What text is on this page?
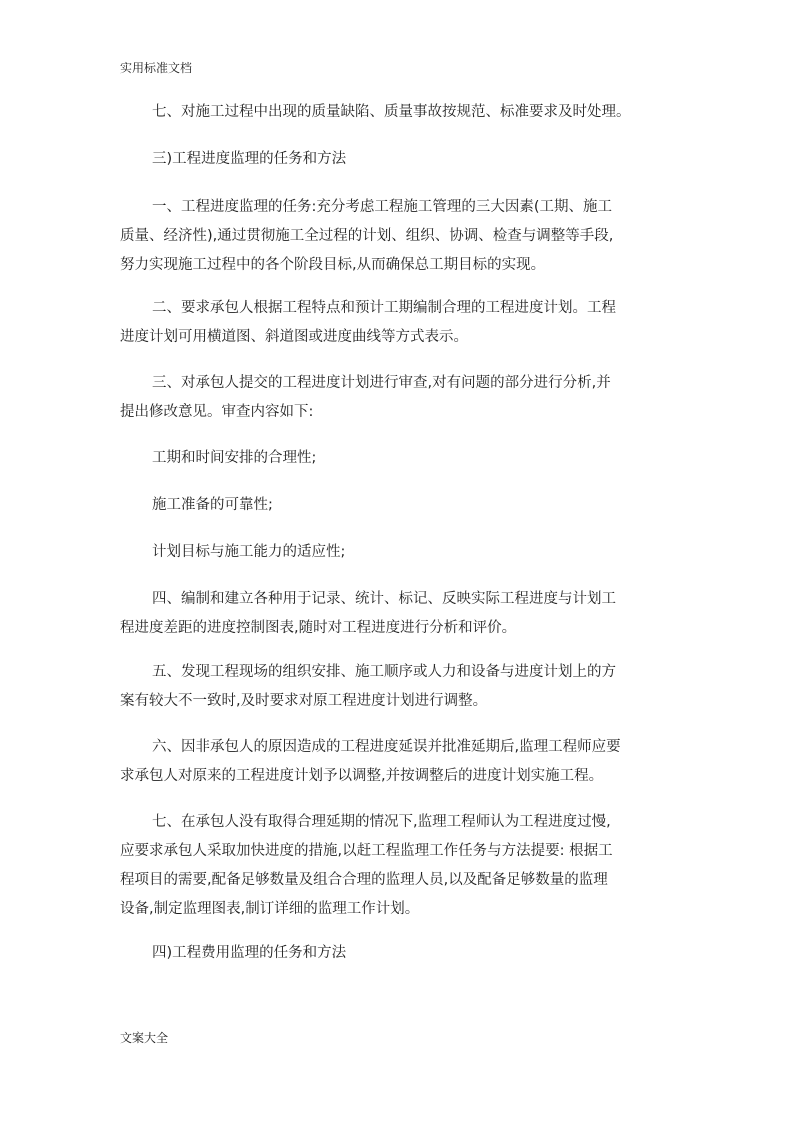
实用标准文档
七、对施工过程中出现的质量缺陷、质量事故按规范、标准要求及时处理。
三)工程进度监理的任务和方法
一、工程进度监理的任务:充分考虑工程施工管理的三大因素(工期、施工
质量、经济性),通过贯彻施工全过程的计划、组织、协调、检查与调整等手段,
努力实现施工过程中的各个阶段目标,从而确保总工期目标的实现。
二、要求承包人根据工程特点和预计工期编制合理的工程进度计划。工程
进度计划可用横道图、斜道图或进度曲线等方式表示。
三、对承包人提交的工程进度计划进行审查,对有问题的部分进行分析,并
提出修改意见。审查内容如下:
工期和时间安排的合理性;
施工准备的可靠性;
计划目标与施工能力的适应性;
四、编制和建立各种用于记录、统计、标记、反映实际工程进度与计划工
程进度差距的进度控制图表,随时对工程进度进行分析和评价。
五、发现工程现场的组织安排、施工顺序或人力和设备与进度计划上的方
案有较大不一致时,及时要求对原工程进度计划进行调整。
六、因非承包人的原因造成的工程进度延误并批准延期后,监理工程师应要
求承包人对原来的工程进度计划予以调整,并按调整后的进度计划实施工程。
七、在承包人没有取得合理延期的情况下,监理工程师认为工程进度过慢,
应要求承包人采取加快进度的措施,以赶工程监理工作任务与方法提要: 根据工
程项目的需要,配备足够数量及组合合理的监理人员,以及配备足够数量的监理
设备,制定监理图表,制订详细的监理工作计划。
四)工程费用监理的任务和方法
文案大全
